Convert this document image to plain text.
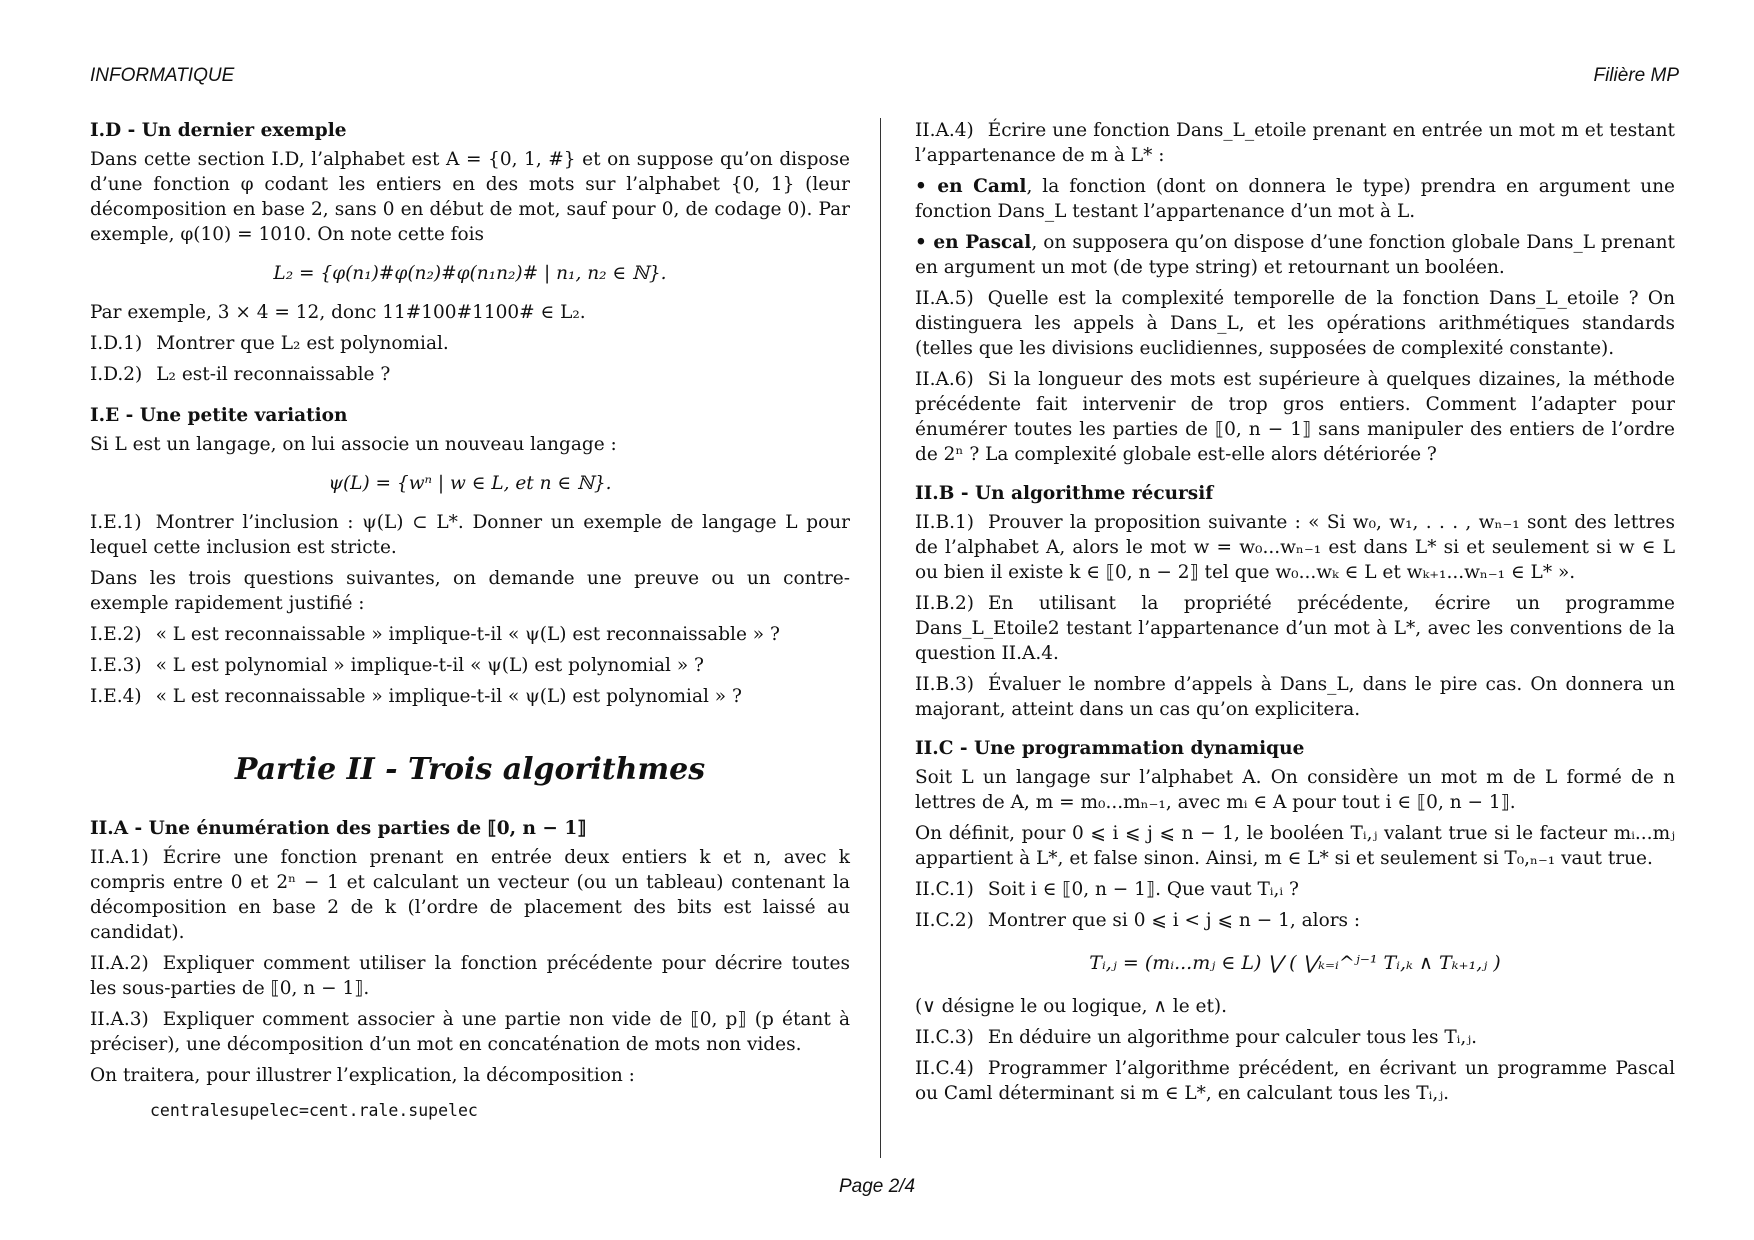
INFORMATIQUE	Filière MP
I.D - Un dernier exemple
Dans cette section I.D, l’alphabet est A = {0, 1, #} et on suppose qu’on dispose d’une fonction φ codant les entiers en des mots sur l’alphabet {0, 1} (leur décomposition en base 2, sans 0 en début de mot, sauf pour 0, de codage 0). Par exemple, φ(10) = 1010. On note cette fois
L₂ = {φ(n₁)#φ(n₂)#φ(n₁n₂)# | n₁, n₂ ∈ ℕ}.
Par exemple, 3 × 4 = 12, donc 11#100#1100# ∈ L₂.
I.D.1) Montrer que L₂ est polynomial.
I.D.2) L₂ est-il reconnaissable ?
I.E - Une petite variation
Si L est un langage, on lui associe un nouveau langage :
ψ(L) = {wⁿ | w ∈ L, et n ∈ ℕ}.
I.E.1) Montrer l’inclusion : ψ(L) ⊂ L*. Donner un exemple de langage L pour lequel cette inclusion est stricte.
Dans les trois questions suivantes, on demande une preuve ou un contre-exemple rapidement justifié :
I.E.2) « L est reconnaissable » implique-t-il « ψ(L) est reconnaissable » ?
I.E.3) « L est polynomial » implique-t-il « ψ(L) est polynomial » ?
I.E.4) « L est reconnaissable » implique-t-il « ψ(L) est polynomial » ?
Partie II - Trois algorithmes
II.A - Une énumération des parties de ⟦0, n − 1⟧
II.A.1) Écrire une fonction prenant en entrée deux entiers k et n, avec k compris entre 0 et 2ⁿ − 1 et calculant un vecteur (ou un tableau) contenant la décomposition en base 2 de k (l’ordre de placement des bits est laissé au candidat).
II.A.2) Expliquer comment utiliser la fonction précédente pour décrire toutes les sous-parties de ⟦0, n − 1⟧.
II.A.3) Expliquer comment associer à une partie non vide de ⟦0, p⟧ (p étant à préciser), une décomposition d’un mot en concaténation de mots non vides.
On traitera, pour illustrer l’explication, la décomposition :
centralesupelec=cent.rale.supelec
II.A.4) Écrire une fonction Dans_L_etoile prenant en entrée un mot m et testant l’appartenance de m à L* :
• en Caml, la fonction (dont on donnera le type) prendra en argument une fonction Dans_L testant l’appartenance d’un mot à L.
• en Pascal, on supposera qu’on dispose d’une fonction globale Dans_L prenant en argument un mot (de type string) et retournant un booléen.
II.A.5) Quelle est la complexité temporelle de la fonction Dans_L_etoile ? On distinguera les appels à Dans_L, et les opérations arithmétiques standards (telles que les divisions euclidiennes, supposées de complexité constante).
II.A.6) Si la longueur des mots est supérieure à quelques dizaines, la méthode précédente fait intervenir de trop gros entiers. Comment l’adapter pour énumérer toutes les parties de ⟦0, n − 1⟧ sans manipuler des entiers de l’ordre de 2ⁿ ? La complexité globale est-elle alors détériorée ?
II.B - Un algorithme récursif
II.B.1) Prouver la proposition suivante : « Si w₀, w₁, . . . , wₙ₋₁ sont des lettres de l’alphabet A, alors le mot w = w₀...wₙ₋₁ est dans L* si et seulement si w ∈ L ou bien il existe k ∈ ⟦0, n − 2⟧ tel que w₀...wₖ ∈ L et wₖ₊₁...wₙ₋₁ ∈ L* ».
II.B.2) En utilisant la propriété précédente, écrire un programme Dans_L_Etoile2 testant l’appartenance d’un mot à L*, avec les conventions de la question II.A.4.
II.B.3) Évaluer le nombre d’appels à Dans_L, dans le pire cas. On donnera un majorant, atteint dans un cas qu’on explicitera.
II.C - Une programmation dynamique
Soit L un langage sur l’alphabet A. On considère un mot m de L formé de n lettres de A, m = m₀...mₙ₋₁, avec mᵢ ∈ A pour tout i ∈ ⟦0, n − 1⟧.
On définit, pour 0 ⩽ i ⩽ j ⩽ n − 1, le booléen Tᵢ,ⱼ valant true si le facteur mᵢ...mⱼ appartient à L*, et false sinon. Ainsi, m ∈ L* si et seulement si T₀,ₙ₋₁ vaut true.
II.C.1) Soit i ∈ ⟦0, n − 1⟧. Que vaut Tᵢ,ᵢ ?
II.C.2) Montrer que si 0 ⩽ i < j ⩽ n − 1, alors :
Tᵢ,ⱼ = (mᵢ...mⱼ ∈ L) ⋁ ( ⋁ₖ₌ᵢ^ʲ⁻¹ Tᵢ,ₖ ∧ Tₖ₊₁,ⱼ )
(∨ désigne le ou logique, ∧ le et).
II.C.3) En déduire un algorithme pour calculer tous les Tᵢ,ⱼ.
II.C.4) Programmer l’algorithme précédent, en écrivant un programme Pascal ou Caml déterminant si m ∈ L*, en calculant tous les Tᵢ,ⱼ.
Page 2/4
